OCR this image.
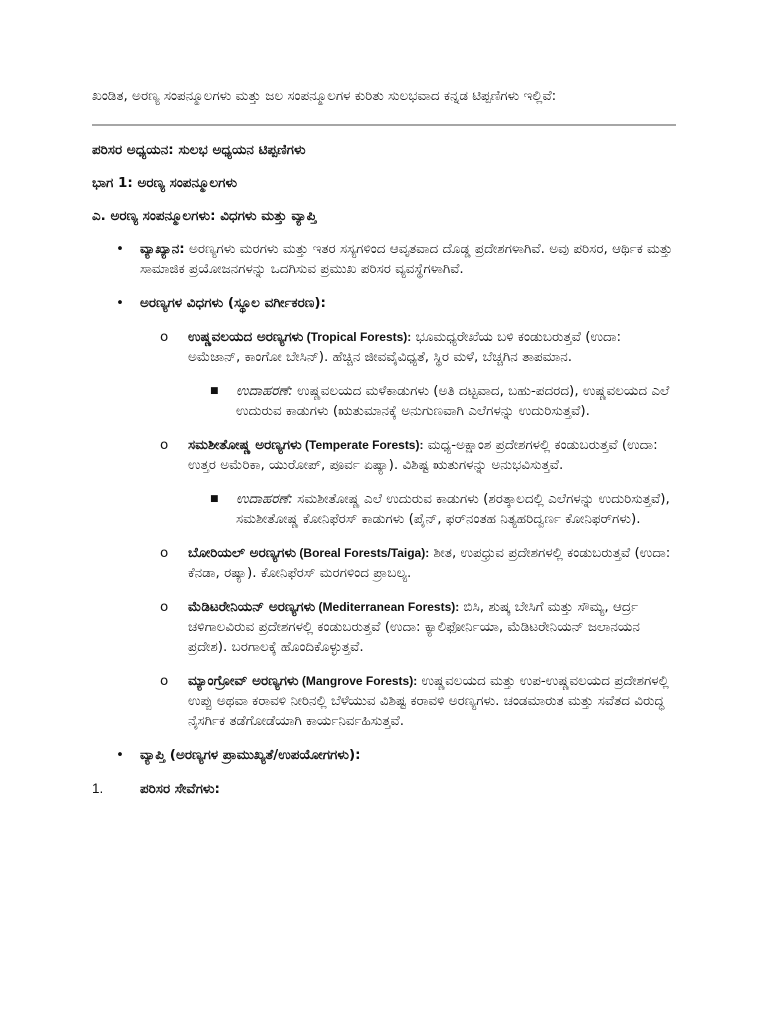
ಖಂಡಿತ, ಅರಣ್ಯ ಸಂಪನ್ಮೂಲಗಳು ಮತ್ತು ಜಲ ಸಂಪನ್ಮೂಲಗಳ ಕುರಿತು ಸುಲಭವಾದ ಕನ್ನಡ ಟಿಪ್ಪಣಿಗಳು ಇಲ್ಲಿವೆ:

ಪರಿಸರ ಅಧ್ಯಯನ: ಸುಲಭ ಅಧ್ಯಯನ ಟಿಪ್ಪಣಿಗಳು

ಭಾಗ 1: ಅರಣ್ಯ ಸಂಪನ್ಮೂಲಗಳು

ಎ. ಅರಣ್ಯ ಸಂಪನ್ಮೂಲಗಳು: ವಿಧಗಳು ಮತ್ತು ವ್ಯಾಪ್ತಿ

• ವ್ಯಾಖ್ಯಾನ: ಅರಣ್ಯಗಳು ಮರಗಳು ಮತ್ತು ಇತರ ಸಸ್ಯಗಳಿಂದ ಆವೃತವಾದ ದೊಡ್ಡ ಪ್ರದೇಶಗಳಾಗಿವೆ. ಅವು ಪರಿಸರ, ಆರ್ಥಿಕ ಮತ್ತು ಸಾಮಾಜಿಕ ಪ್ರಯೋಜನಗಳನ್ನು ಒದಗಿಸುವ ಪ್ರಮುಖ ಪರಿಸರ ವ್ಯವಸ್ಥೆಗಳಾಗಿವೆ.
• ಅರಣ್ಯಗಳ ವಿಧಗಳು (ಸ್ಥೂಲ ವರ್ಗೀಕರಣ):
o ಉಷ್ಣವಲಯದ ಅರಣ್ಯಗಳು (Tropical Forests): ಭೂಮಧ್ಯರೇಖೆಯ ಬಳಿ ಕಂಡುಬರುತ್ತವೆ (ಉದಾ: ಅಮೆಜಾನ್, ಕಾಂಗೋ ಬೇಸಿನ್). ಹೆಚ್ಚಿನ ಜೀವವೈವಿಧ್ಯತೆ, ಸ್ಥಿರ ಮಳೆ, ಬೆಚ್ಚಗಿನ ತಾಪಮಾನ.
■ ಉದಾಹರಣೆ: ಉಷ್ಣವಲಯದ ಮಳೆಕಾಡುಗಳು (ಅತಿ ದಟ್ಟವಾದ, ಬಹು-ಪದರದ), ಉಷ್ಣವಲಯದ ಎಲೆ ಉದುರುವ ಕಾಡುಗಳು (ಋತುಮಾನಕ್ಕೆ ಅನುಗುಣವಾಗಿ ಎಲೆಗಳನ್ನು ಉದುರಿಸುತ್ತವೆ).
o ಸಮಶೀತೋಷ್ಣ ಅರಣ್ಯಗಳು (Temperate Forests): ಮಧ್ಯ-ಅಕ್ಷಾಂಶ ಪ್ರದೇಶಗಳಲ್ಲಿ ಕಂಡುಬರುತ್ತವೆ (ಉದಾ: ಉತ್ತರ ಅಮೆರಿಕಾ, ಯುರೋಪ್, ಪೂರ್ವ ಏಷ್ಯಾ). ವಿಶಿಷ್ಟ ಋತುಗಳನ್ನು ಅನುಭವಿಸುತ್ತವೆ.
■ ಉದಾಹರಣೆ: ಸಮಶೀತೋಷ್ಣ ಎಲೆ ಉದುರುವ ಕಾಡುಗಳು (ಶರತ್ಕಾಲದಲ್ಲಿ ಎಲೆಗಳನ್ನು ಉದುರಿಸುತ್ತವೆ), ಸಮಶೀತೋಷ್ಣ ಕೋನಿಫೆರಸ್ ಕಾಡುಗಳು (ಪೈನ್, ಫರ್‌ನಂತಹ ನಿತ್ಯಹರಿದ್ವರ್ಣ ಕೋನಿಫರ್‌ಗಳು).
o ಬೋರಿಯಲ್ ಅರಣ್ಯಗಳು (Boreal Forests/Taiga): ಶೀತ, ಉಪಧ್ರುವ ಪ್ರದೇಶಗಳಲ್ಲಿ ಕಂಡುಬರುತ್ತವೆ (ಉದಾ: ಕೆನಡಾ, ರಷ್ಯಾ). ಕೋನಿಫೆರಸ್ ಮರಗಳಿಂದ ಪ್ರಾಬಲ್ಯ.
o ಮೆಡಿಟರೇನಿಯನ್ ಅರಣ್ಯಗಳು (Mediterranean Forests): ಬಿಸಿ, ಶುಷ್ಕ ಬೇಸಿಗೆ ಮತ್ತು ಸೌಮ್ಯ, ಆರ್ದ್ರ ಚಳಿಗಾಲವಿರುವ ಪ್ರದೇಶಗಳಲ್ಲಿ ಕಂಡುಬರುತ್ತವೆ (ಉದಾ: ಕ್ಯಾಲಿಫೋರ್ನಿಯಾ, ಮೆಡಿಟರೇನಿಯನ್ ಜಲಾನಯನ ಪ್ರದೇಶ). ಬರಗಾಲಕ್ಕೆ ಹೊಂದಿಕೊಳ್ಳುತ್ತವೆ.
o ಮ್ಯಾಂಗ್ರೋವ್ ಅರಣ್ಯಗಳು (Mangrove Forests): ಉಷ್ಣವಲಯದ ಮತ್ತು ಉಪ-ಉಷ್ಣವಲಯದ ಪ್ರದೇಶಗಳಲ್ಲಿ ಉಪ್ಪು ಅಥವಾ ಕರಾವಳಿ ನೀರಿನಲ್ಲಿ ಬೆಳೆಯುವ ವಿಶಿಷ್ಟ ಕರಾವಳಿ ಅರಣ್ಯಗಳು. ಚಂಡಮಾರುತ ಮತ್ತು ಸವೆತದ ವಿರುದ್ಧ ನೈಸರ್ಗಿಕ ತಡೆಗೋಡೆಯಾಗಿ ಕಾರ್ಯನಿರ್ವಹಿಸುತ್ತವೆ.
• ವ್ಯಾಪ್ತಿ (ಅರಣ್ಯಗಳ ಪ್ರಾಮುಖ್ಯತೆ/ಉಪಯೋಗಗಳು):
1.	ಪರಿಸರ ಸೇವೆಗಳು:
